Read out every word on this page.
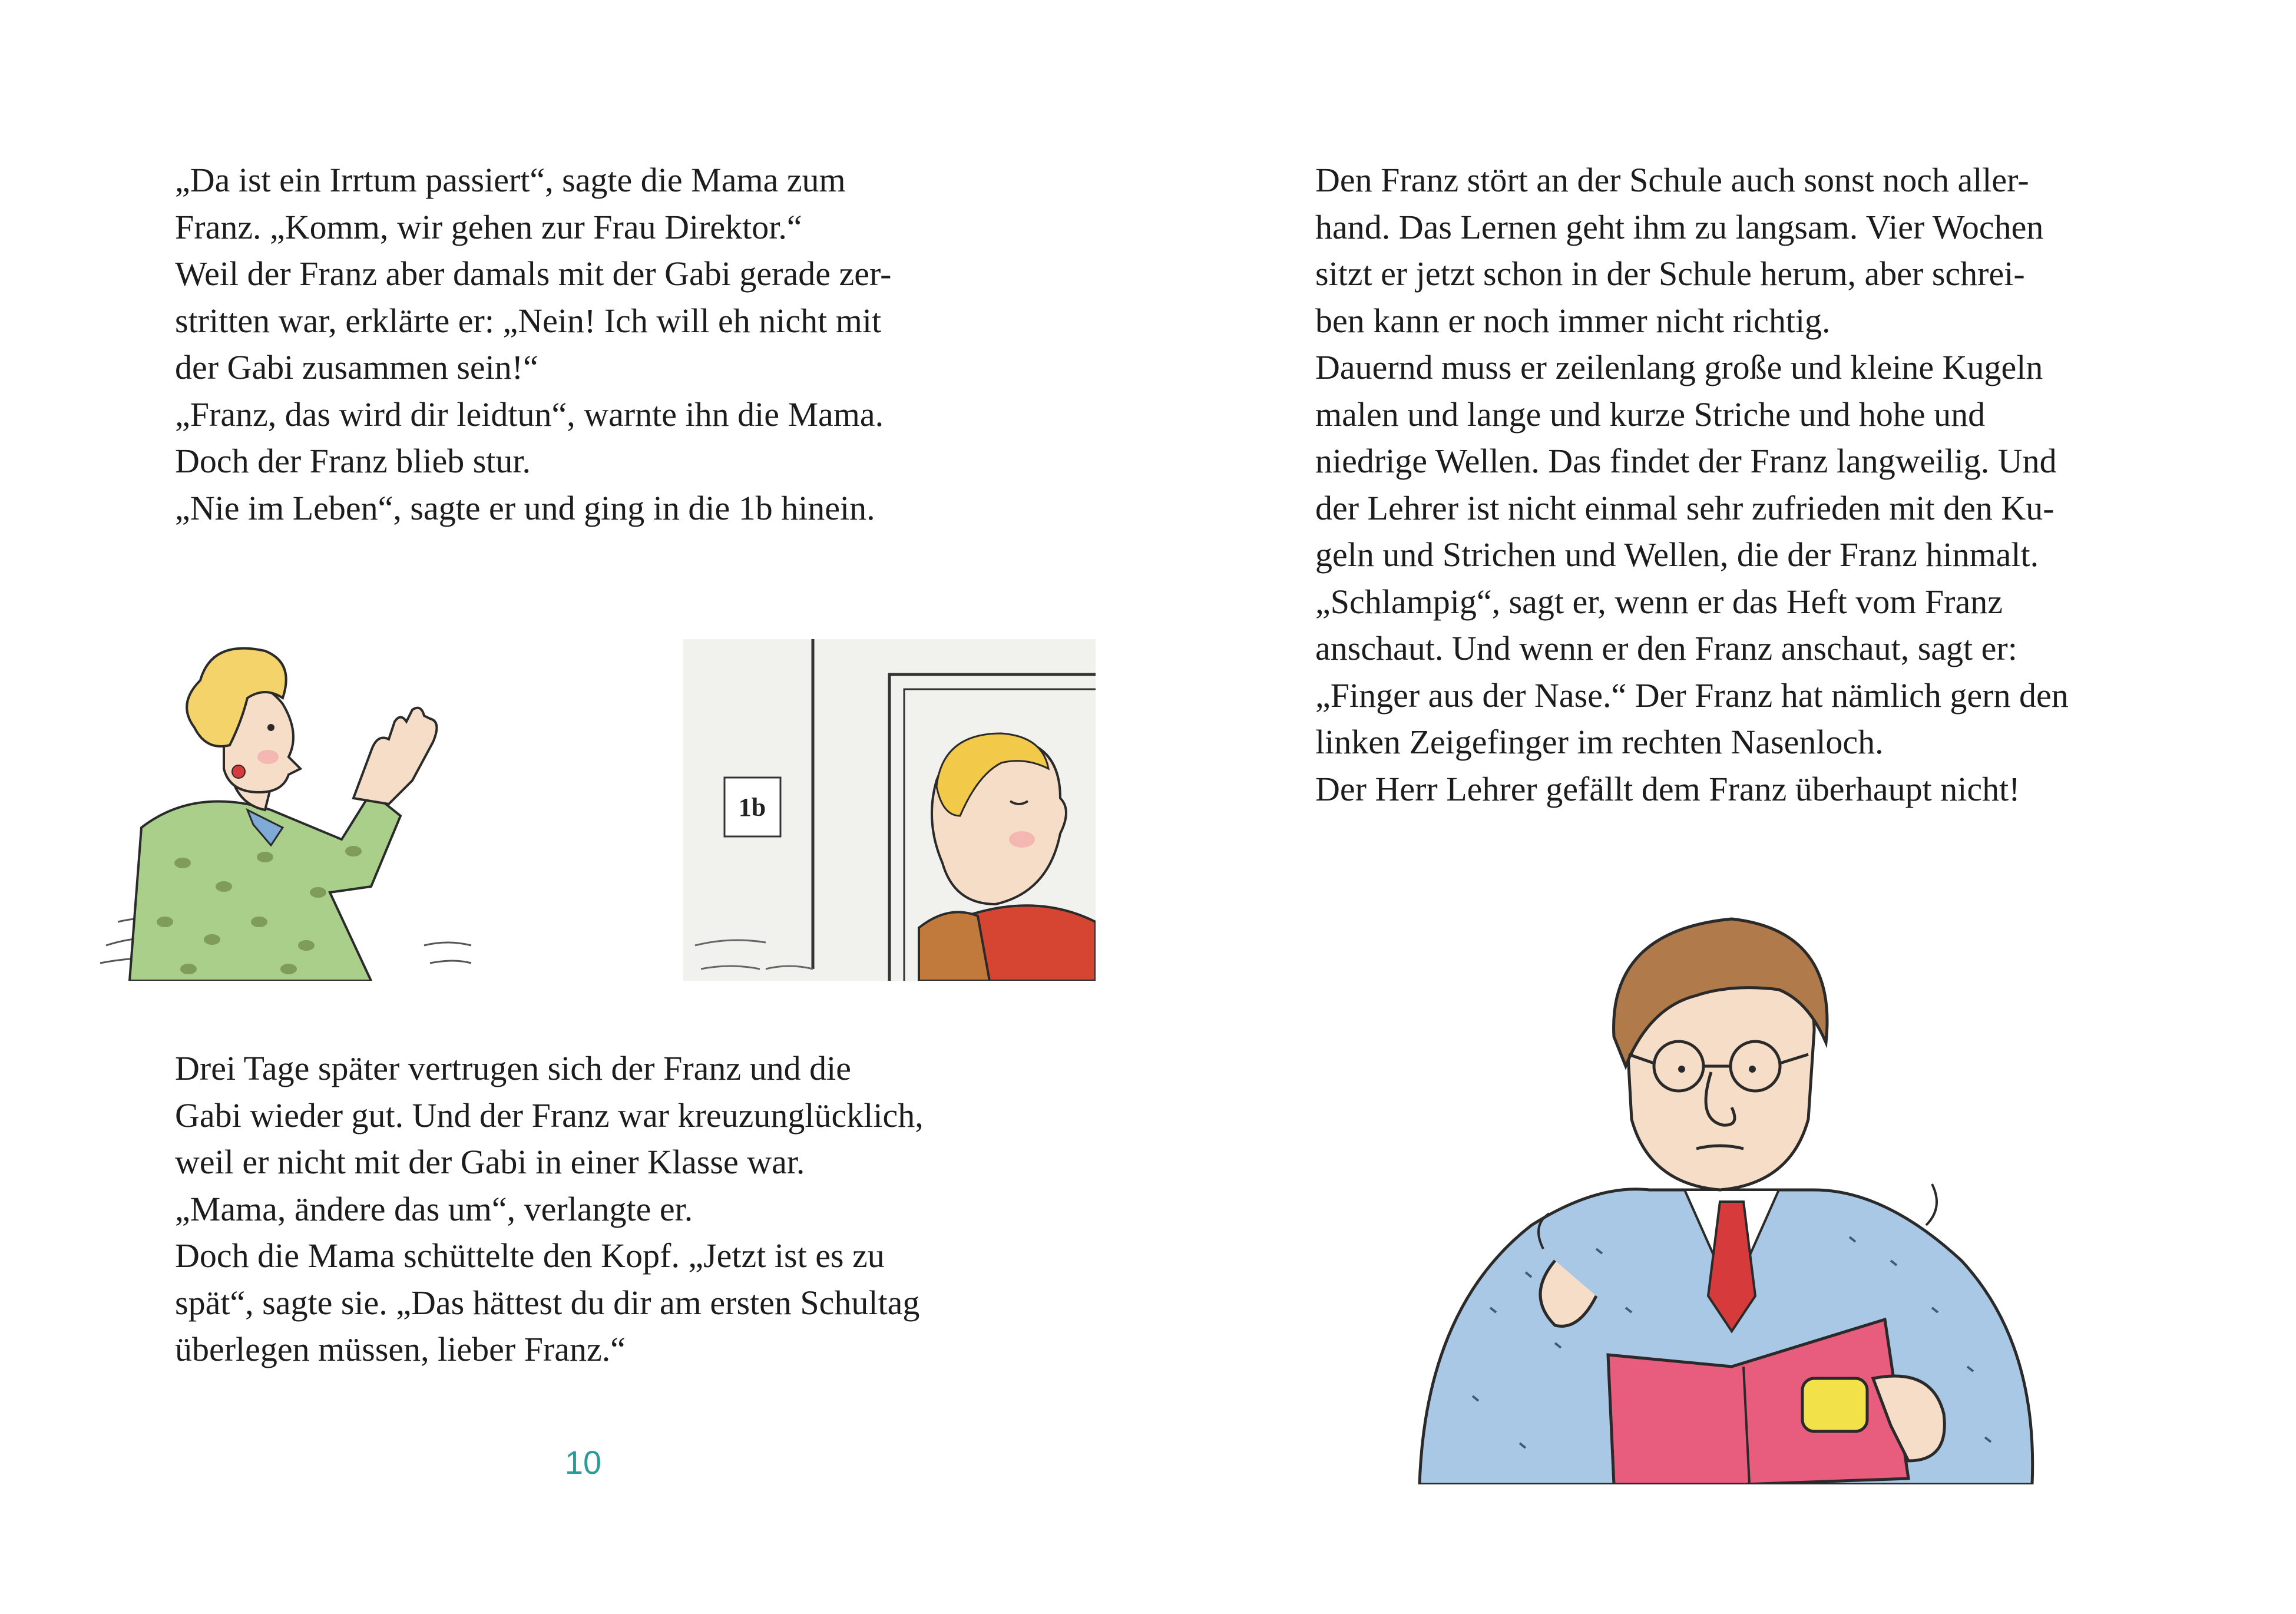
„Da ist ein Irrtum passiert“, sagte die Mama zum
Franz. „Komm, wir gehen zur Frau Direktor.“
Weil der Franz aber damals mit der Gabi gerade zer-
stritten war, erklärte er: „Nein! Ich will eh nicht mit
der Gabi zusammen sein!“
„Franz, das wird dir leidtun“, warnte ihn die Mama.
Doch der Franz blieb stur.
„Nie im Leben“, sagte er und ging in die 1b hinein.

1b

Drei Tage später vertrugen sich der Franz und die
Gabi wieder gut. Und der Franz war kreuzunglücklich,
weil er nicht mit der Gabi in einer Klasse war.
„Mama, ändere das um“, verlangte er.
Doch die Mama schüttelte den Kopf. „Jetzt ist es zu
spät“, sagte sie. „Das hättest du dir am ersten Schultag
überlegen müssen, lieber Franz.“

10

Den Franz stört an der Schule auch sonst noch aller-
hand. Das Lernen geht ihm zu langsam. Vier Wochen
sitzt er jetzt schon in der Schule herum, aber schrei-
ben kann er noch immer nicht richtig.
Dauernd muss er zeilenlang große und kleine Kugeln
malen und lange und kurze Striche und hohe und
niedrige Wellen. Das findet der Franz langweilig. Und
der Lehrer ist nicht einmal sehr zufrieden mit den Ku-
geln und Strichen und Wellen, die der Franz hinmalt.
„Schlampig“, sagt er, wenn er das Heft vom Franz
anschaut. Und wenn er den Franz anschaut, sagt er:
„Finger aus der Nase.“ Der Franz hat nämlich gern den
linken Zeigefinger im rechten Nasenloch.
Der Herr Lehrer gefällt dem Franz überhaupt nicht!
